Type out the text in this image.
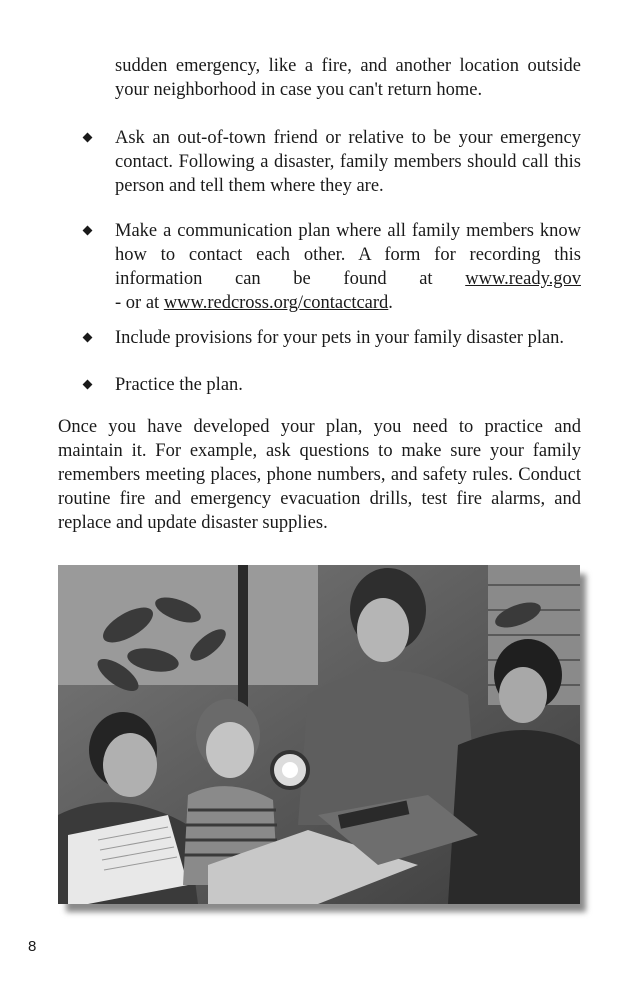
sudden emergency, like a fire, and another location outside your neighborhood in case you can't return home.
Ask an out-of-town friend or relative to be your emergency contact. Following a disaster, family members should call this person and tell them where they are.
Make a communication plan where all family members know how to contact each other. A form for recording this information can be found at www.ready.gov
- or at www.redcross.org/contactcard.
Include provisions for your pets in your family disaster plan.
Practice the plan.
Once you have developed your plan, you need to practice and maintain it. For example, ask questions to make sure your family remembers meeting places, phone numbers, and safety rules. Conduct routine fire and emergency evacuation drills, test fire alarms, and replace and update disaster supplies.
8
